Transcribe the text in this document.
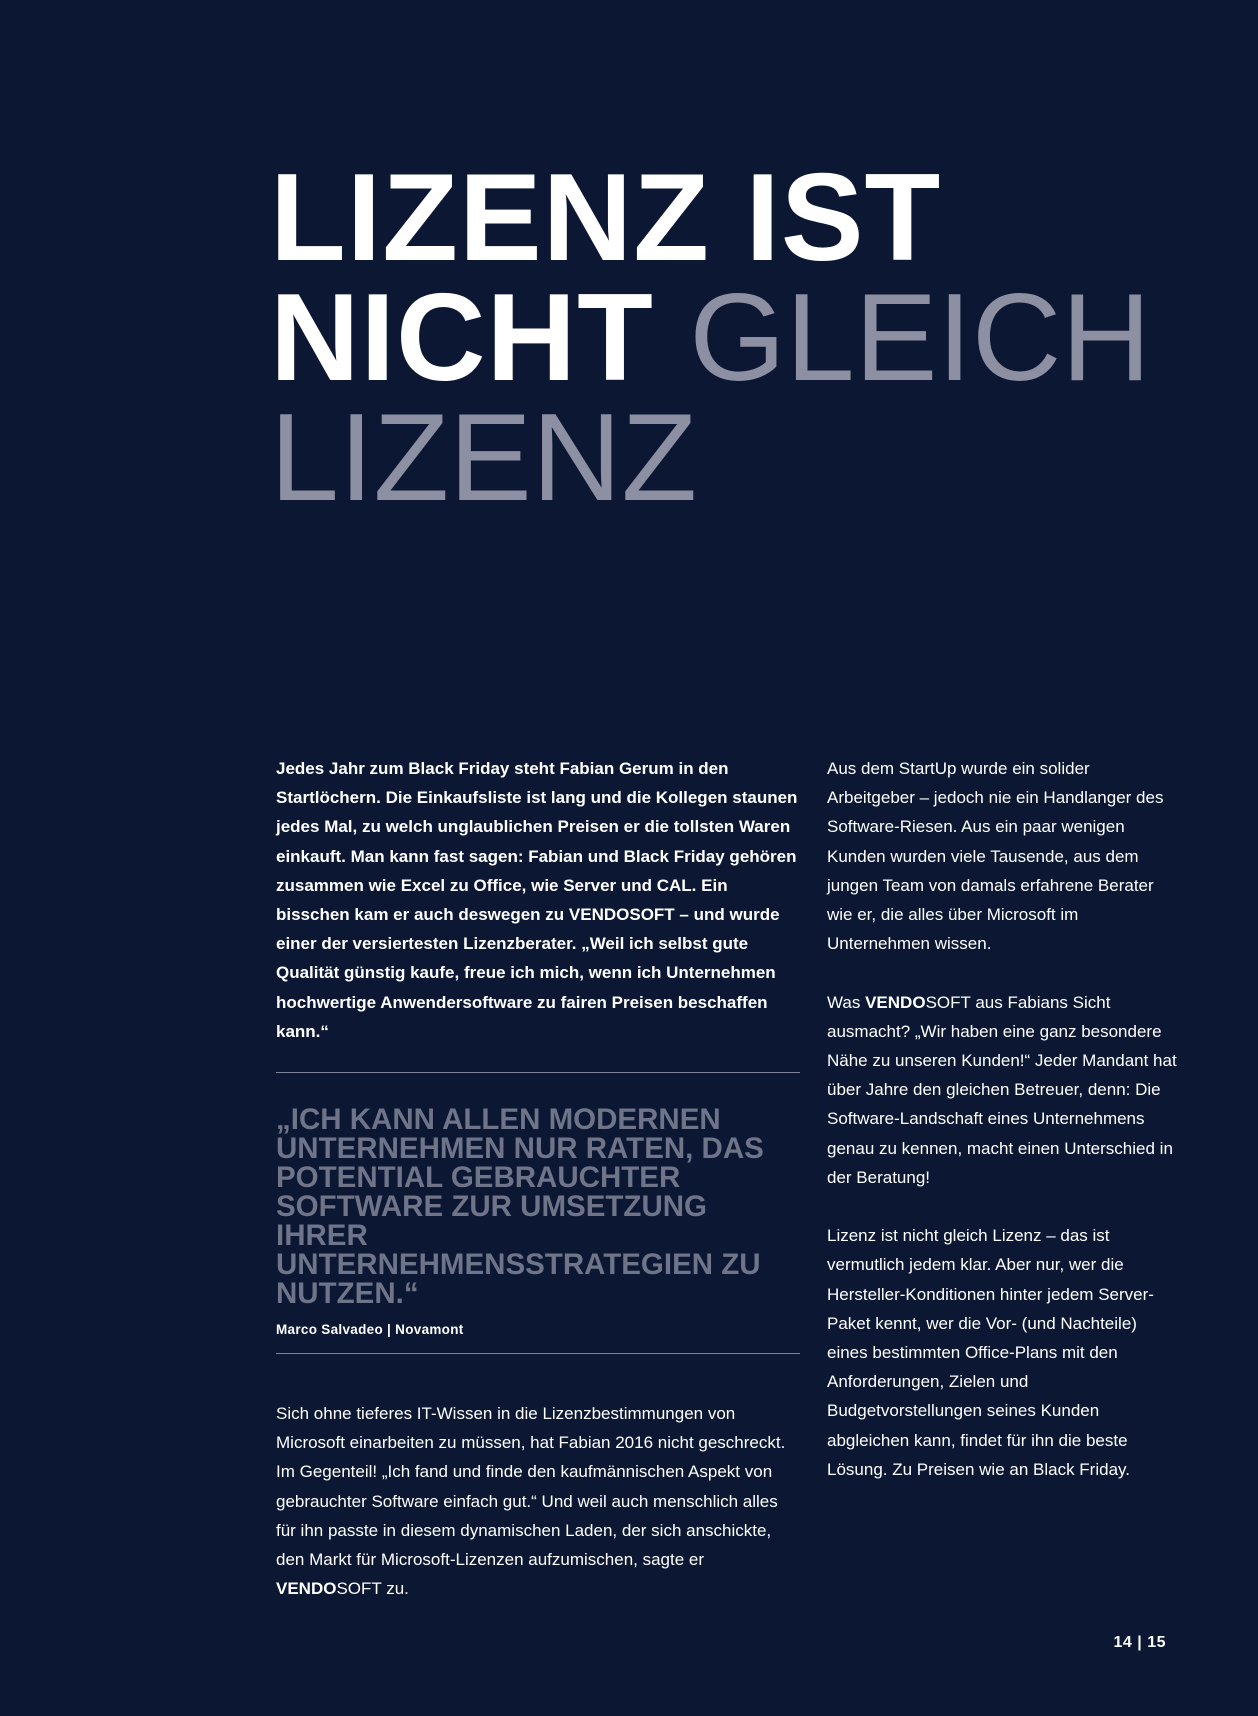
LIZENZ IST
NICHT GLEICH
LIZENZ

Jedes Jahr zum Black Friday steht Fabian Gerum in den Startlöchern. Die Einkaufsliste ist lang und die Kollegen staunen jedes Mal, zu welch unglaublichen Preisen er die tollsten Waren einkauft. Man kann fast sagen: Fabian und Black Friday gehören zusammen wie Excel zu Office, wie Server und CAL. Ein bisschen kam er auch deswegen zu VENDOSOFT – und wurde einer der versiertesten Lizenzberater. „Weil ich selbst gute Qualität günstig kaufe, freue ich mich, wenn ich Unternehmen hochwertige Anwendersoftware zu fairen Preisen beschaffen kann.“

„ICH KANN ALLEN MODERNEN UNTERNEHMEN NUR RATEN, DAS POTENTIAL GEBRAUCHTER SOFTWARE ZUR UMSETZUNG IHRER UNTERNEHMENSSTRATEGIEN ZU NUTZEN.“

Marco Salvadeo | Novamont

Sich ohne tieferes IT-Wissen in die Lizenzbestimmungen von Microsoft einarbeiten zu müssen, hat Fabian 2016 nicht geschreckt. Im Gegenteil! „Ich fand und finde den kaufmännischen Aspekt von gebrauchter Software einfach gut.“ Und weil auch menschlich alles für ihn passte in diesem dynamischen Laden, der sich anschickte, den Markt für Microsoft-Lizenzen aufzumischen, sagte er VENDOSOFT zu.

Aus dem StartUp wurde ein solider Arbeitgeber – jedoch nie ein Handlanger des Software-Riesen. Aus ein paar wenigen Kunden wurden viele Tausende, aus dem jungen Team von damals erfahrene Berater wie er, die alles über Microsoft im Unternehmen wissen.

Was VENDOSOFT aus Fabians Sicht ausmacht? „Wir haben eine ganz besondere Nähe zu unseren Kunden!“ Jeder Mandant hat über Jahre den gleichen Betreuer, denn: Die Software-Landschaft eines Unternehmens genau zu kennen, macht einen Unterschied in der Beratung!

Lizenz ist nicht gleich Lizenz – das ist vermutlich jedem klar. Aber nur, wer die Hersteller-Konditionen hinter jedem Server-Paket kennt, wer die Vor- (und Nachteile) eines bestimmten Office-Plans mit den Anforderungen, Zielen und Budgetvorstellungen seines Kunden abgleichen kann, findet für ihn die beste Lösung. Zu Preisen wie an Black Friday.

14 | 15
